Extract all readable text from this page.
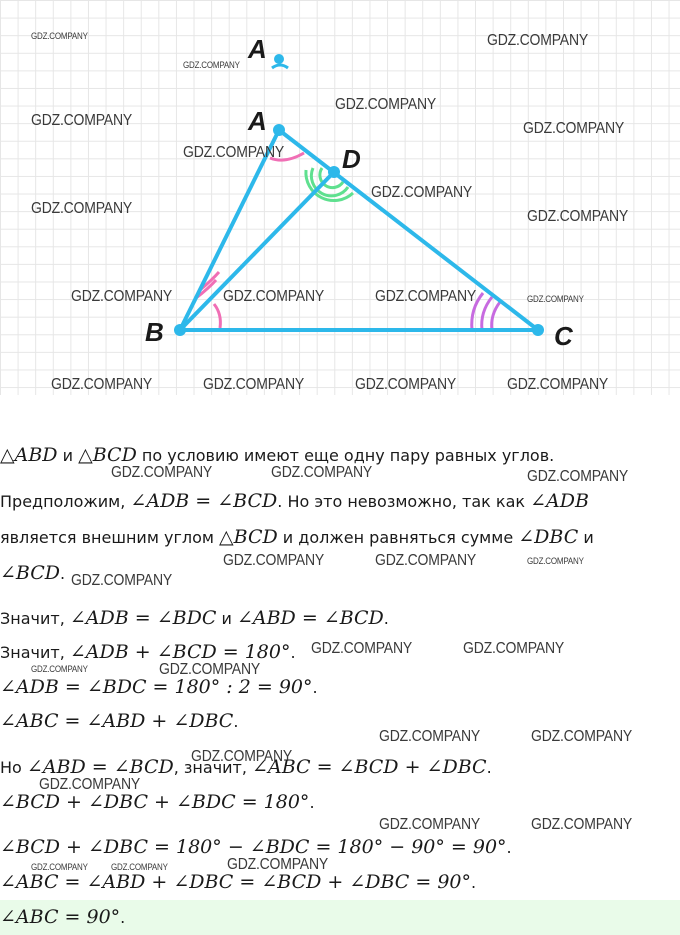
A
A
B	C
D
GDZ.COMPANY	GDZ.COMPANY
GDZ.COMPANY
GDZ.COMPANY
GDZ.COMPANY	GDZ.COMPANY
GDZ.COMPANY
GDZ.COMPANY
GDZ.COMPANY	GDZ.COMPANY
GDZ.COMPANY	GDZ.COMPANY	GDZ.COMPANY	GDZ.COMPANY
GDZ.COMPANY	GDZ.COMPANY	GDZ.COMPANY	GDZ.COMPANY
△ABD и △BCD по условию имеют еще одну пару равных углов.
Предположим, ∠ADB = ∠BCD. Но это невозможно, так как ∠ADB
является внешним углом △BCD и должен равняться сумме ∠DBC и
∠BCD.
Значит, ∠ADB = ∠BDC и ∠ABD = ∠BCD.
Значит, ∠ADB + ∠BCD = 180°.
∠ADB = ∠BDC = 180° : 2 = 90°.
∠ABC = ∠ABD + ∠DBC.
Но ∠ABD = ∠BCD, значит, ∠ABC = ∠BCD + ∠DBC.
∠BCD + ∠DBC + ∠BDC = 180°.
∠BCD + ∠DBC = 180° − ∠BDC = 180° − 90° = 90°.
∠ABC = ∠ABD + ∠DBC = ∠BCD + ∠DBC = 90°.
∠ABC = 90°.
GDZ.COMPANY	GDZ.COMPANY	GDZ.COMPANY
GDZ.COMPANY	GDZ.COMPANY	GDZ.COMPANY
GDZ.COMPANY
GDZ.COMPANY	GDZ.COMPANY
GDZ.COMPANY	GDZ.COMPANY
GDZ.COMPANY	GDZ.COMPANY
GDZ.COMPANY
GDZ.COMPANY
GDZ.COMPANY	GDZ.COMPANY
GDZ.COMPANY
GDZ.COMPANY	GDZ.COMPANY
